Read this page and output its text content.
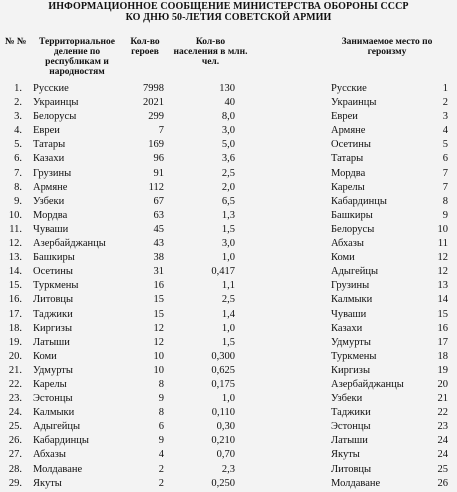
ИНФОРМАЦИОННОЕ СООБЩЕНИЕ МИНИСТЕРСТВА ОБОРОНЫ СССР
КО ДНЮ 50-ЛЕТИЯ СОВЕТСКОЙ АРМИИ
№ №	Территориальное деление по республикам и народностям
Кол-во героев
Кол-во населения в млн. чел.
Занимаемое место по героизму
1. Русские	7998	130	Русские	1
2. Украинцы	2021	40	Украинцы	2
3. Белорусы	299	8,0	Евреи	3
4. Евреи	7	3,0	Армяне	4
5. Татары	169	5,0	Осетины	5
6. Казахи	96	3,6	Татары	6
7. Грузины	91	2,5	Мордва	7
8. Армяне	112	2,0	Карелы	7
9. Узбеки	67	6,5	Кабардинцы	8
10. Мордва	63	1,3	Башкиры	9
11. Чуваши	45	1,5	Белорусы	10
12. Азербайджанцы	43	3,0	Абхазы	11
13. Башкиры	38	1,0	Коми	12
14. Осетины	31	0,417	Адыгейцы	12
15. Туркмены	16	1,1	Грузины	13
16. Литовцы	15	2,5	Калмыки	14
17. Таджики	15	1,4	Чуваши	15
18. Киргизы	12	1,0	Казахи	16
19. Латыши	12	1,5	Удмурты	17
20. Коми	10	0,300	Туркмены	18
21. Удмурты	10	0,625	Киргизы	19
22. Карелы	8	0,175	Азербайджанцы	20
23. Эстонцы	9	1,0	Узбеки	21
24. Калмыки	8	0,110	Таджики	22
25. Адыгейцы	6	0,30	Эстонцы	23
26. Кабардинцы	9	0,210	Латыши	24
27. Абхазы	4	0,70	Якуты	24
28. Молдаване	2	2,3	Литовцы	25
29. Якуты	2	0,250	Молдаване	26
